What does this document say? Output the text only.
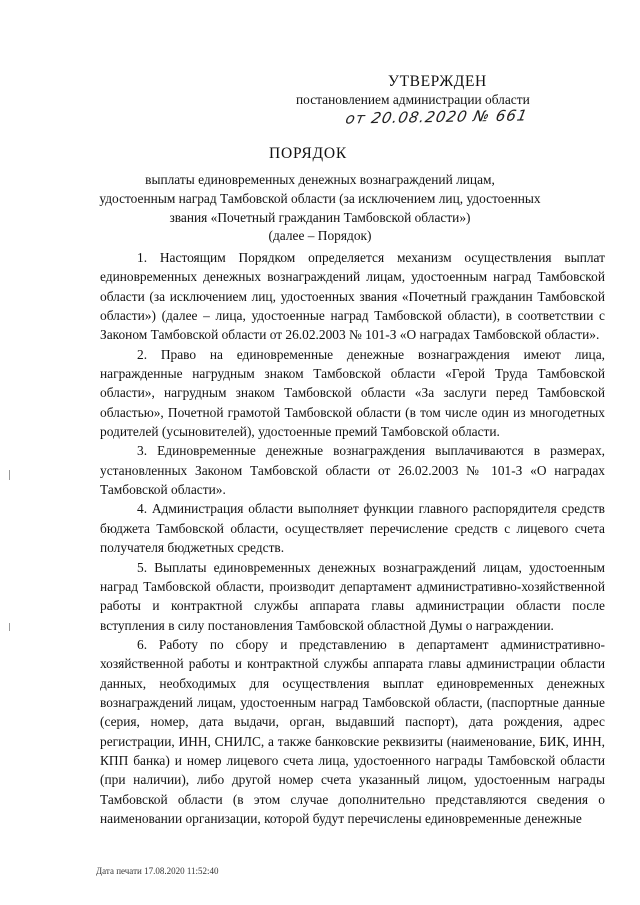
УТВЕРЖДЕН
постановлением администрации области
от 20.08.2020 № 661
ПОРЯДОК
выплаты единовременных денежных вознаграждений лицам,
удостоенным наград Тамбовской области (за исключением лиц, удостоенных
звания «Почетный гражданин Тамбовской области»)
(далее – Порядок)

1. Настоящим Порядком определяется механизм осуществления выплат единовременных денежных вознаграждений лицам, удостоенным наград Тамбовской области (за исключением лиц, удостоенных звания «Почетный гражданин Тамбовской области») (далее – лица, удостоенные наград Тамбовской области), в соответствии с Законом Тамбовской области от 26.02.2003 № 101-З «О наградах Тамбовской области».

2. Право на единовременные денежные вознаграждения имеют лица, награжденные нагрудным знаком Тамбовской области «Герой Труда Тамбовской области», нагрудным знаком Тамбовской области «За заслуги перед Тамбовской областью», Почетной грамотой Тамбовской области (в том числе один из многодетных родителей (усыновителей), удостоенные премий Тамбовской области.

3. Единовременные денежные вознаграждения выплачиваются в размерах, установленных Законом Тамбовской области от 26.02.2003 № 101-З «О наградах Тамбовской области».

4. Администрация области выполняет функции главного распорядителя средств бюджета Тамбовской области, осуществляет перечисление средств с лицевого счета получателя бюджетных средств.

5. Выплаты единовременных денежных вознаграждений лицам, удостоенным наград Тамбовской области, производит департамент административно-хозяйственной работы и контрактной службы аппарата главы администрации области после вступления в силу постановления Тамбовской областной Думы о награждении.

6. Работу по сбору и представлению в департамент административно-хозяйственной работы и контрактной службы аппарата главы администрации области данных, необходимых для осуществления выплат единовременных денежных вознаграждений лицам, удостоенным наград Тамбовской области, (паспортные данные (серия, номер, дата выдачи, орган, выдавший паспорт), дата рождения, адрес регистрации, ИНН, СНИЛС, а также банковские реквизиты (наименование, БИК, ИНН, КПП банка) и номер лицевого счета лица, удостоенного награды Тамбовской области (при наличии), либо другой номер счета указанный лицом, удостоенным награды Тамбовской области (в этом случае дополнительно представляются сведения о наименовании организации, которой будут перечислены единовременные денежные

Дата печати 17.08.2020 11:52:40
